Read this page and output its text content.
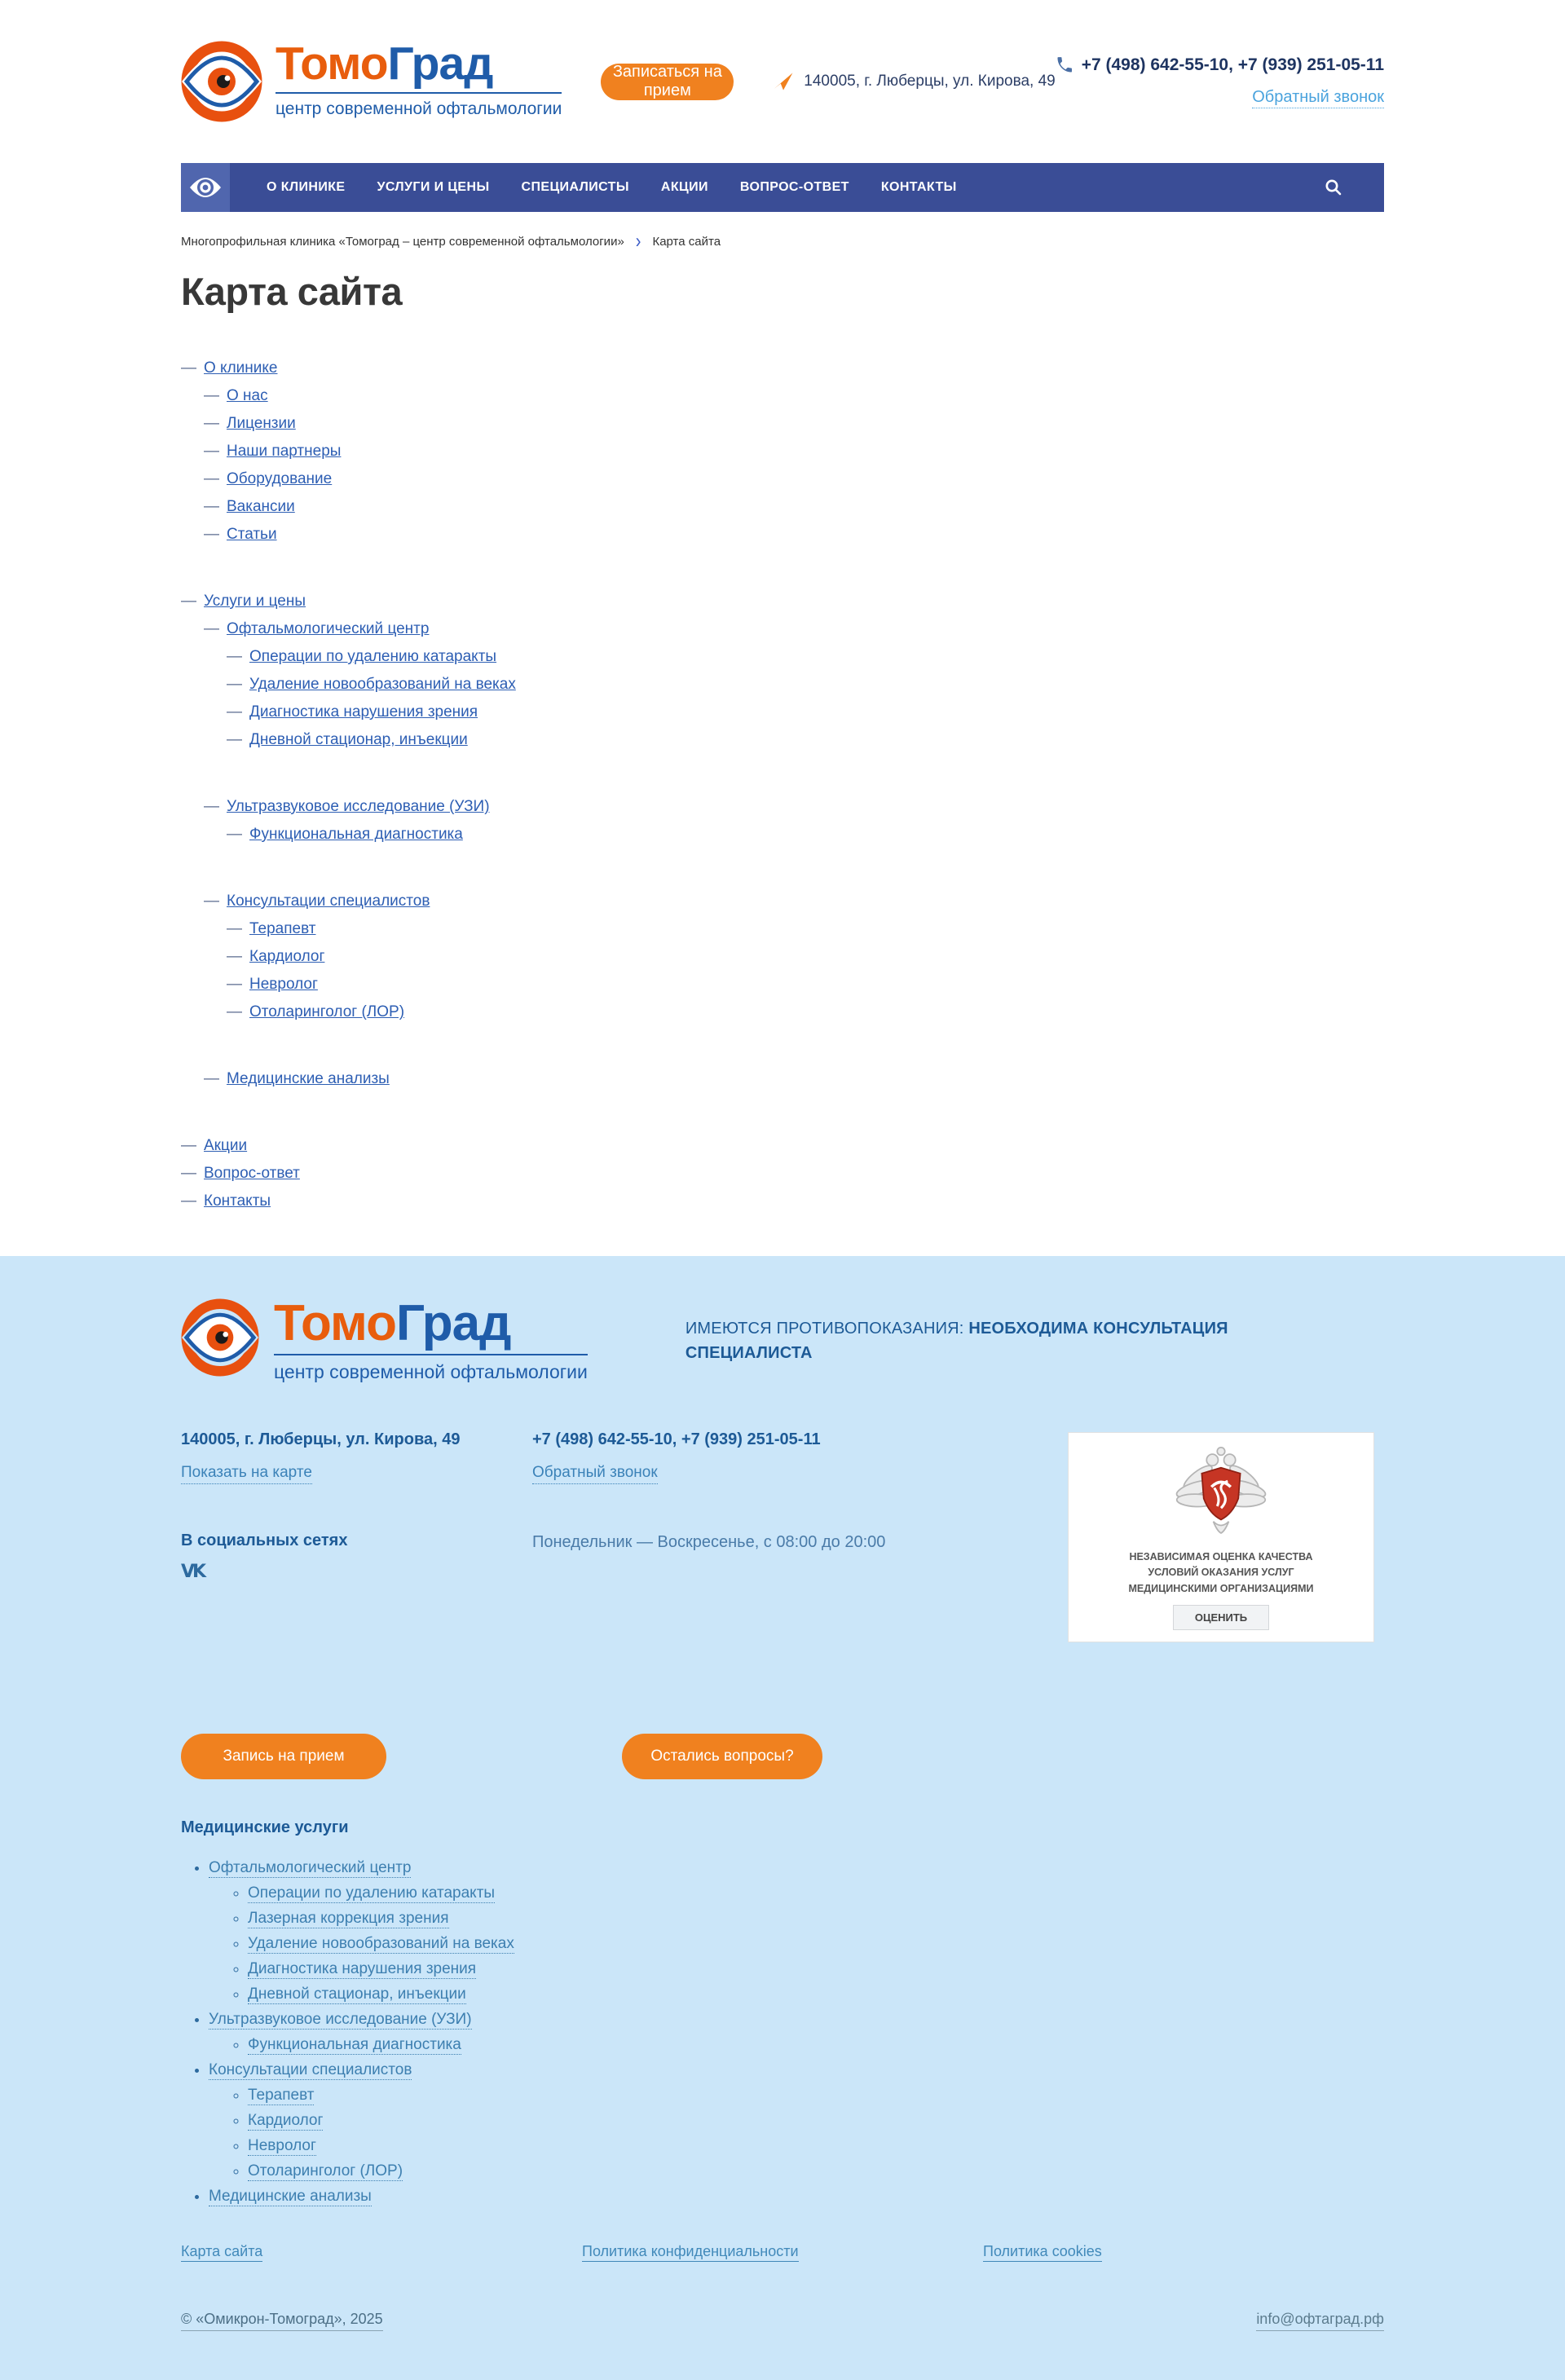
ТомоГрад
центр современной офтальмологии
Записаться на прием
140005, г. Люберцы, ул. Кирова, 49
+7 (498) 642-55-10, +7 (939) 251-05-11
Обратный звонок
О КЛИНИКЕ УСЛУГИ И ЦЕНЫ СПЕЦИАЛИСТЫ АКЦИИ ВОПРОС-ОТВЕТ КОНТАКТЫ
Многопрофильная клиника «Томоград – центр современной офтальмологии» › Карта сайта
Карта сайта
— О клинике
— О нас
— Лицензии
— Наши партнеры
— Оборудование
— Вакансии
— Статьи
— Услуги и цены
— Офтальмологический центр
— Операции по удалению катаракты
— Удаление новообразований на веках
— Диагностика нарушения зрения
— Дневной стационар, инъекции
— Ультразвуковое исследование (УЗИ)
— Функциональная диагностика
— Консультации специалистов
— Терапевт
— Кардиолог
— Невролог
— Отоларинголог (ЛОР)
— Медицинские анализы
— Акции
— Вопрос-ответ
— Контакты
ТомоГрад
центр современной офтальмологии
ИМЕЮТСЯ ПРОТИВОПОКАЗАНИЯ: НЕОБХОДИМА КОНСУЛЬТАЦИЯ СПЕЦИАЛИСТА
140005, г. Люберцы, ул. Кирова, 49
Показать на карте
В социальных сетях
VK
+7 (498) 642-55-10, +7 (939) 251-05-11
Обратный звонок
Понедельник — Воскресенье, с 08:00 до 20:00
НЕЗАВИСИМАЯ ОЦЕНКА КАЧЕСТВА
УСЛОВИЙ ОКАЗАНИЯ УСЛУГ
МЕДИЦИНСКИМИ ОРГАНИЗАЦИЯМИ
ОЦЕНИТЬ
Запись на прием	Остались вопросы?
Медицинские услуги
• Офтальмологический центр
◦ Операции по удалению катаракты
◦ Лазерная коррекция зрения
◦ Удаление новообразований на веках
◦ Диагностика нарушения зрения
◦ Дневной стационар, инъекции
• Ультразвуковое исследование (УЗИ)
◦ Функциональная диагностика
• Консультации специалистов
◦ Терапевт
◦ Кардиолог
◦ Невролог
◦ Отоларинголог (ЛОР)
• Медицинские анализы
Карта сайта	Политика конфиденциальности	Политика cookies
© «Омикрон-Томоград», 2025	info@офтаград.рф
